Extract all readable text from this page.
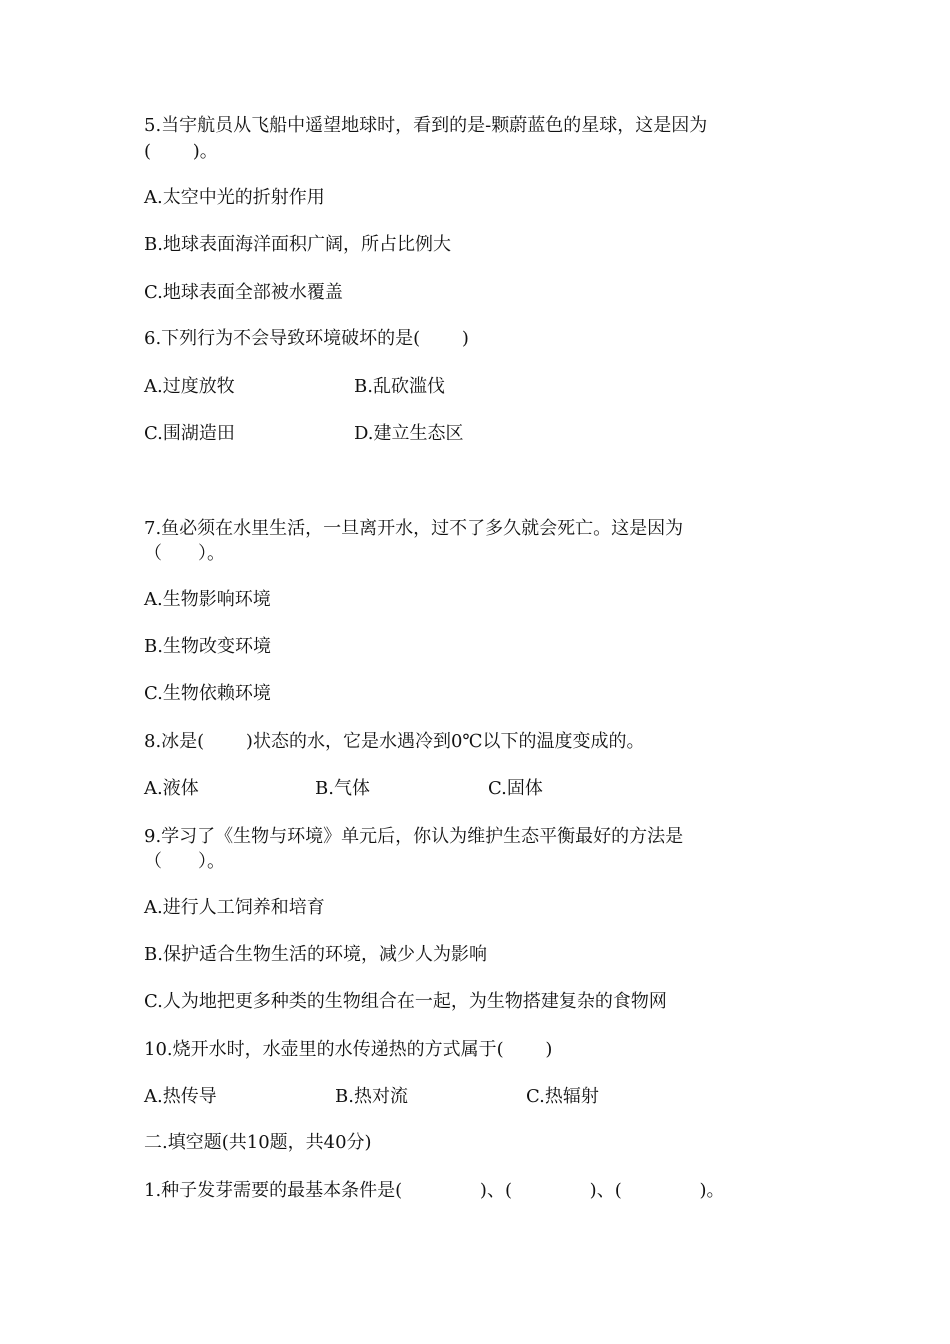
5.当宇航员从飞船中遥望地球时，看到的是-颗蔚蓝色的星球，这是因为
(　　 )。
A.太空中光的折射作用
B.地球表面海洋面积广阔，所占比例大
C.地球表面全部被水覆盖
6.下列行为不会导致环境破坏的是(　　 )
A.过度放牧	B.乱砍滥伐
C.围湖造田	D.建立生态区
7.鱼必须在水里生活，一旦离开水，过不了多久就会死亡。这是因为
（　　）。
A.生物影响环境
B.生物改变环境
C.生物依赖环境
8.冰是(　　 )状态的水，它是水遇冷到0℃以下的温度变成的。
A.液体	B.气体	C.固体
9.学习了《生物与环境》单元后，你认为维护生态平衡最好的方法是
（　　）。
A.进行人工饲养和培育
B.保护适合生物生活的环境，减少人为影响
C.人为地把更多种类的生物组合在一起，为生物搭建复杂的食物网
10.烧开水时，水壶里的水传递热的方式属于(　　 )
A.热传导	B.热对流	C.热辐射
二.填空题(共10题，共40分)
1.种子发芽需要的最基本条件是(　　　　 )、(　　　　 )、(　　　　 )。
